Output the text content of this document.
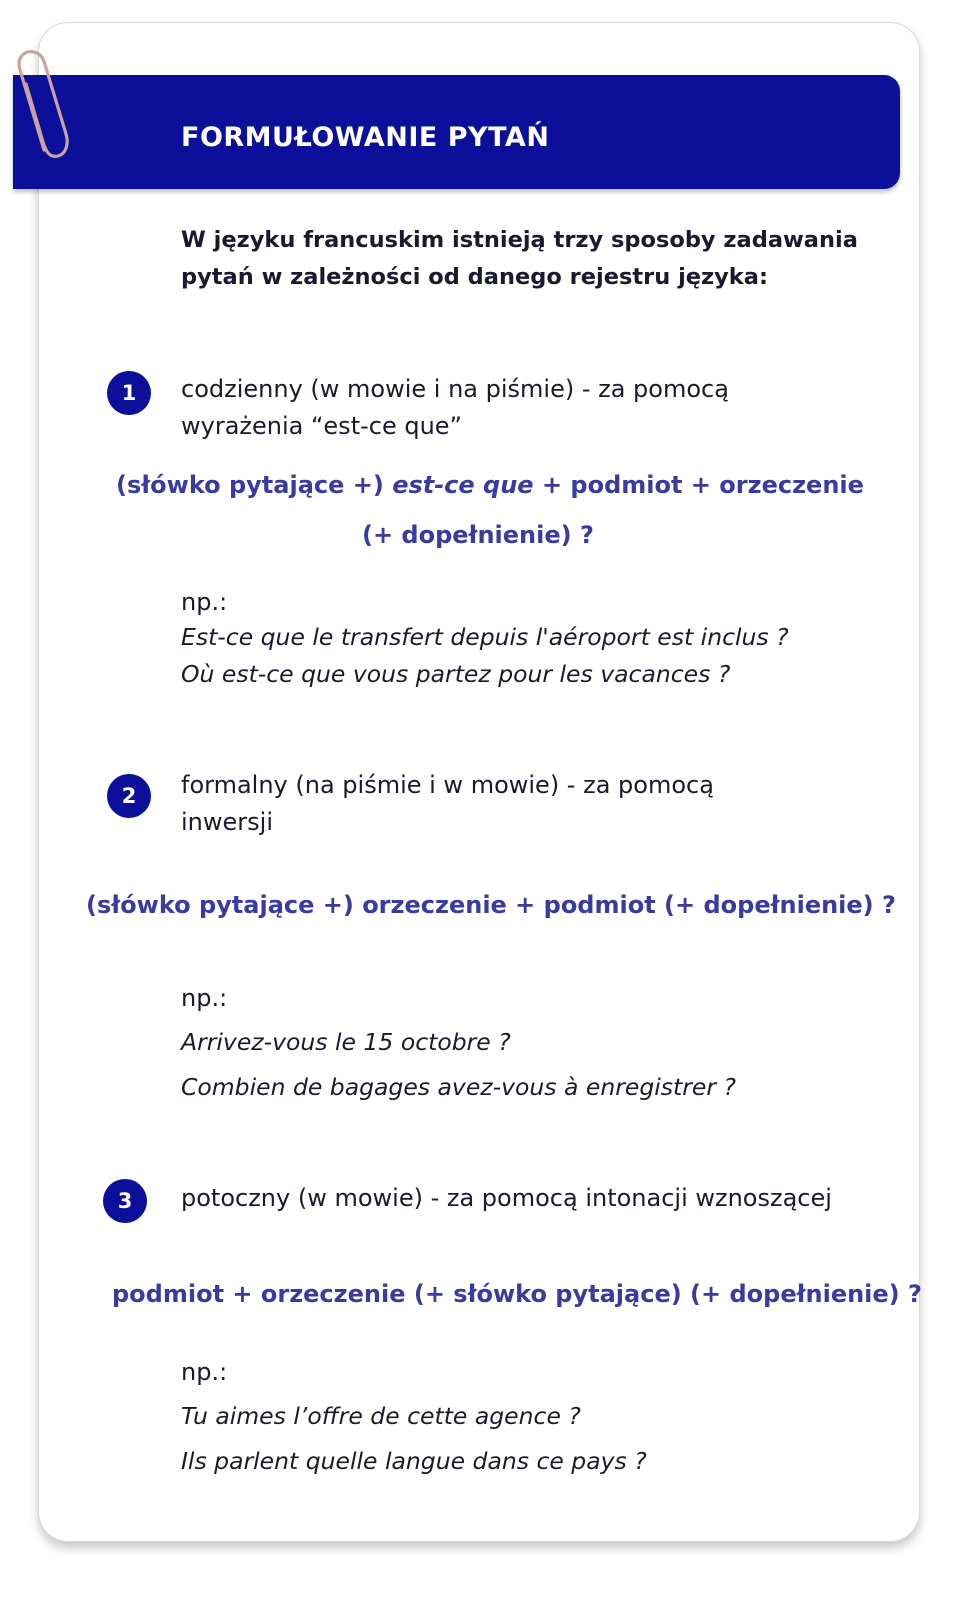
FORMUŁOWANIE PYTAŃ

W języku francuskim istnieją trzy sposoby zadawania pytań w zależności od danego rejestru języka:

1	codzienny (w mowie i na piśmie) - za pomocą wyrażenia “est-ce que”

(słówko pytające +) est-ce que + podmiot + orzeczenie

(+ dopełnienie) ?

np.:

Est-ce que le transfert depuis l'aéroport est inclus ?

Où est-ce que vous partez pour les vacances ?

2	formalny (na piśmie i w mowie) - za pomocą inwersji

(słówko pytające +) orzeczenie + podmiot (+ dopełnienie) ?

np.:

Arrivez-vous le 15 octobre ?

Combien de bagages avez-vous à enregistrer ?

3	potoczny (w mowie) - za pomocą intonacji wznoszącej

podmiot + orzeczenie (+ słówko pytające) (+ dopełnienie) ?

np.:

Tu aimes l’offre de cette agence ?

Ils parlent quelle langue dans ce pays ?
